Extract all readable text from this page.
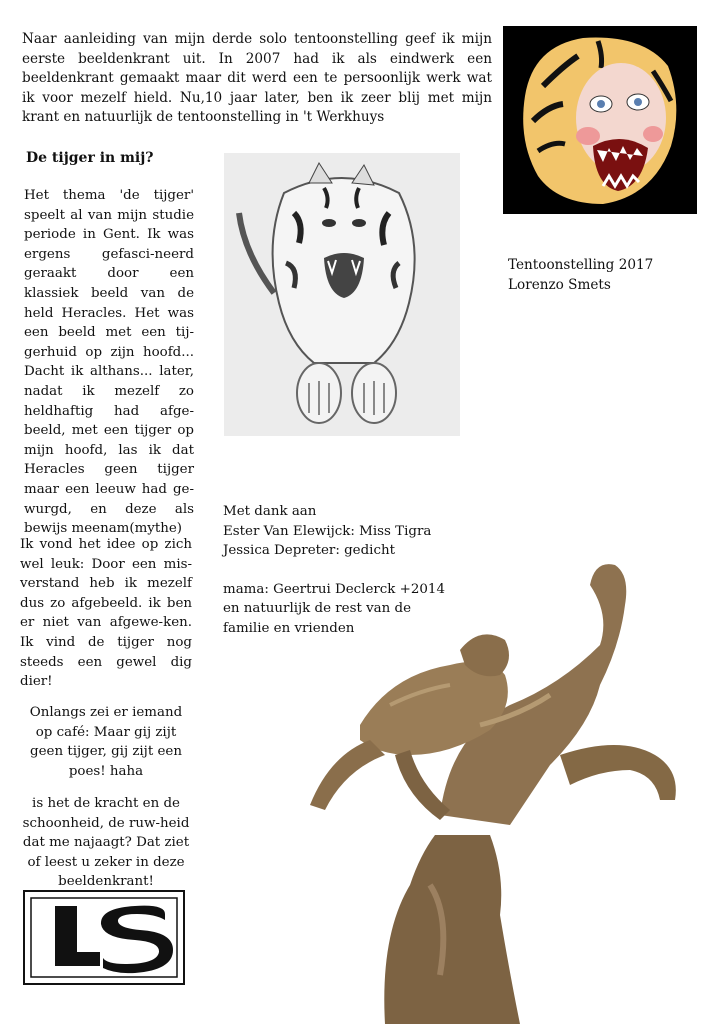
Naar aanleiding van mijn derde solo tentoonstelling geef ik mijn eerste beeldenkrant uit. In 2007 had ik als eindwerk een beeldenkrant gemaakt maar dit werd een te persoonlijk werk wat ik voor mezelf hield. Nu,10 jaar later, ben ik zeer blij met mijn krant en natuurlijk de tentoonstelling in 't Werkhuys
De tijger in mij?

Het thema 'de tijger' speelt al van mijn studie periode in Gent. Ik was ergens gefasci-neerd geraakt door een klassiek beeld van de held Heracles. Het was een beeld met een tij-gerhuid op zijn hoofd... Dacht ik althans... later, nadat ik mezelf zo heldhaftig had afge-beeld, met een tijger op mijn hoofd, las ik dat Heracles geen tijger maar een leeuw had ge-wurgd, en deze als bewijs meenam(mythe)

Ik vond het idee op zich wel leuk: Door een mis-verstand heb ik mezelf dus zo afgebeeld. ik ben er niet van afgewe-ken. Ik vind de tijger nog steeds een gewel dig dier!

Onlangs zei er iemand op café: Maar gij zijt geen tijger, gij zijt een poes! haha

is het de kracht en de schoonheid, de ruw-heid dat me najaagt? Dat ziet of leest u zeker in deze beeldenkrant!

Tentoonstelling 2017
Lorenzo Smets

Met dank aan

Ester Van Elewijck: Miss Tigra

Jessica Depreter: gedicht

mama: Geertrui Declerck +2014

en natuurlijk de rest van de

familie en vrienden
